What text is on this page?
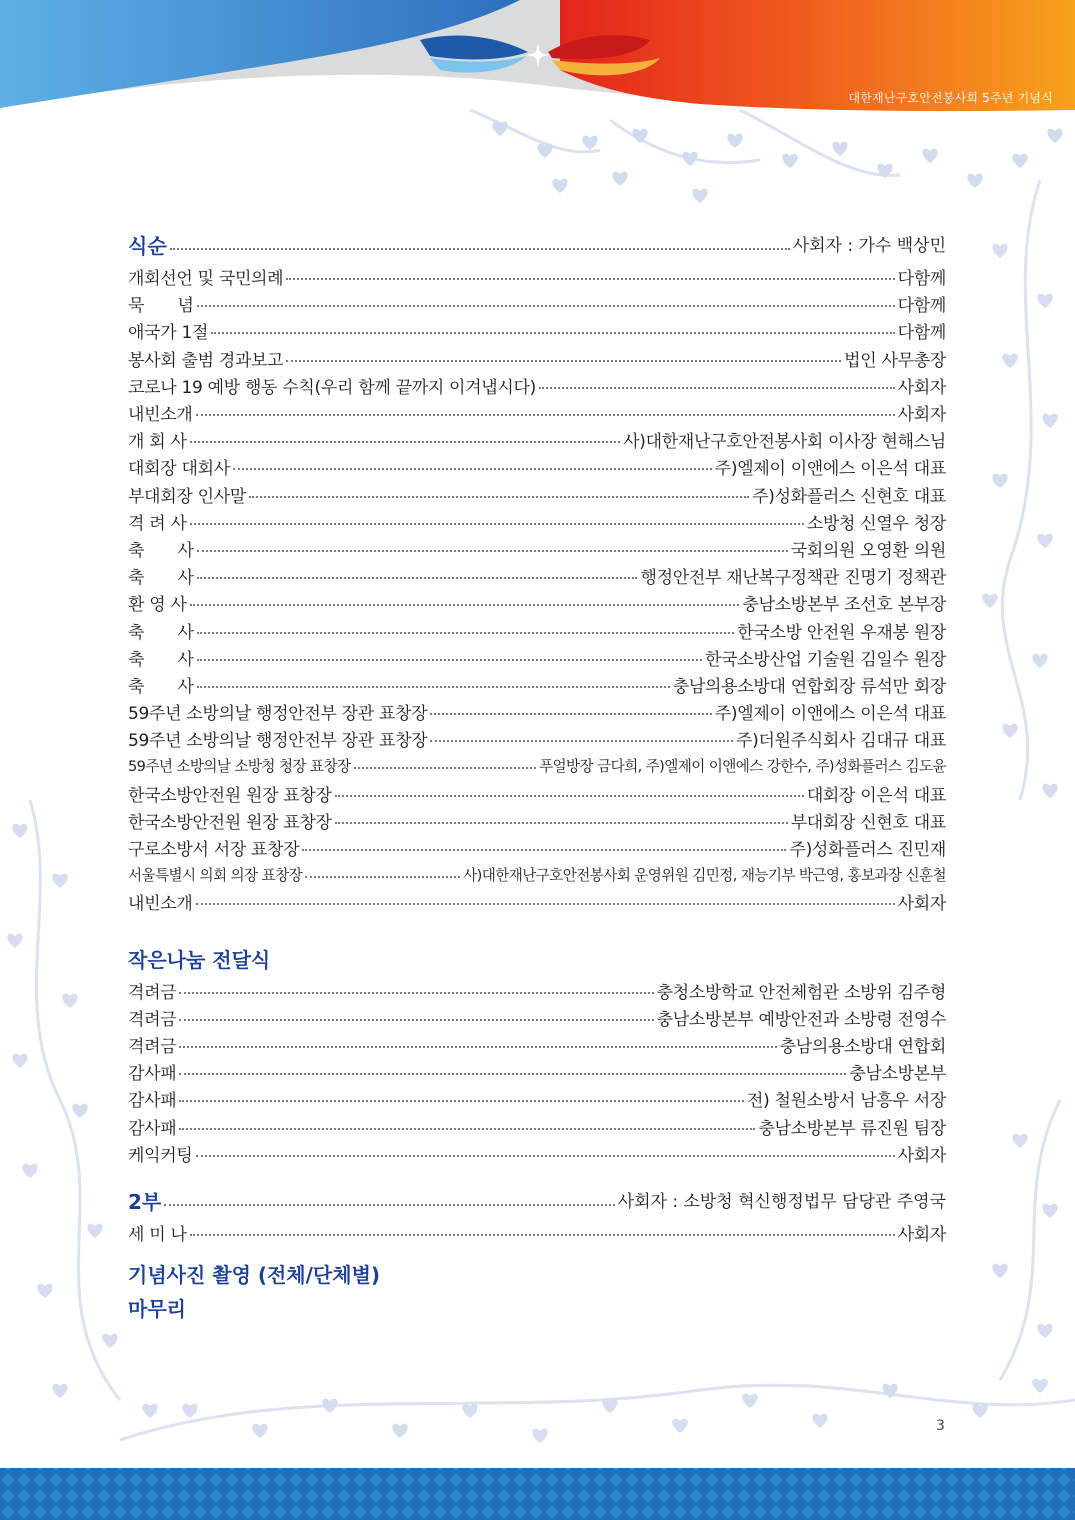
대한재난구호안전봉사회 5주년 기념식
식순	사회자 : 가수 백상민
개회선언 및 국민의례	다함께
묵　　념	다함께
애국가 1절	다함께
봉사회 출범 경과보고	법인 사무총장
코로나 19 예방 행동 수칙(우리 함께 끝까지 이겨냅시다)	사회자
내빈소개	사회자
개 회 사	사)대한재난구호안전봉사회 이사장 현해스님
대회장 대회사	주)엘제이 이앤에스 이은석 대표
부대회장 인사말	주)성화플러스 신현호 대표
격 려 사	소방청 신열우 청장
축　　사	국회의원 오영환 의원
축　　사	행정안전부 재난복구정책관 진명기 정책관
환 영 사	충남소방본부 조선호 본부장
축　　사	한국소방 안전원 우재봉 원장
축　　사	한국소방산업 기술원 김일수 원장
축　　사	충남의용소방대 연합회장 류석만 회장
59주년 소방의날 행정안전부 장관 표창장	주)엘제이 이앤에스 이은석 대표
59주년 소방의날 행정안전부 장관 표창장	주)더원주식회사 김대규 대표
59주년 소방의날 소방청 청장 표창장	푸얼방장 금다희, 주)엘제이 이앤에스 강한수, 주)성화플러스 김도윤
한국소방안전원 원장 표창장	대회장 이은석 대표
한국소방안전원 원장 표창장	부대회장 신현호 대표
구로소방서 서장 표창장	주)성화플러스 진민재
서울특별시 의회 의장 표창장	사)대한재난구호안전봉사회 운영위원 김민정, 재능기부 박근영, 홍보과장 신훈철
내빈소개	사회자
작은나눔 전달식
격려금	충청소방학교 안전체험관 소방위 김주형
격려금	충남소방본부 예방안전과 소방령 전영수
격려금	충남의용소방대 연합회
감사패	충남소방본부
감사패	전) 철원소방서 남흥우 서장
감사패	충남소방본부 류진원 팀장
케익커팅	사회자
2부	사회자 : 소방청 혁신행정법무 담당관 주영국
세 미 나	사회자
기념사진 촬영 (전체/단체별)
마무리
3
